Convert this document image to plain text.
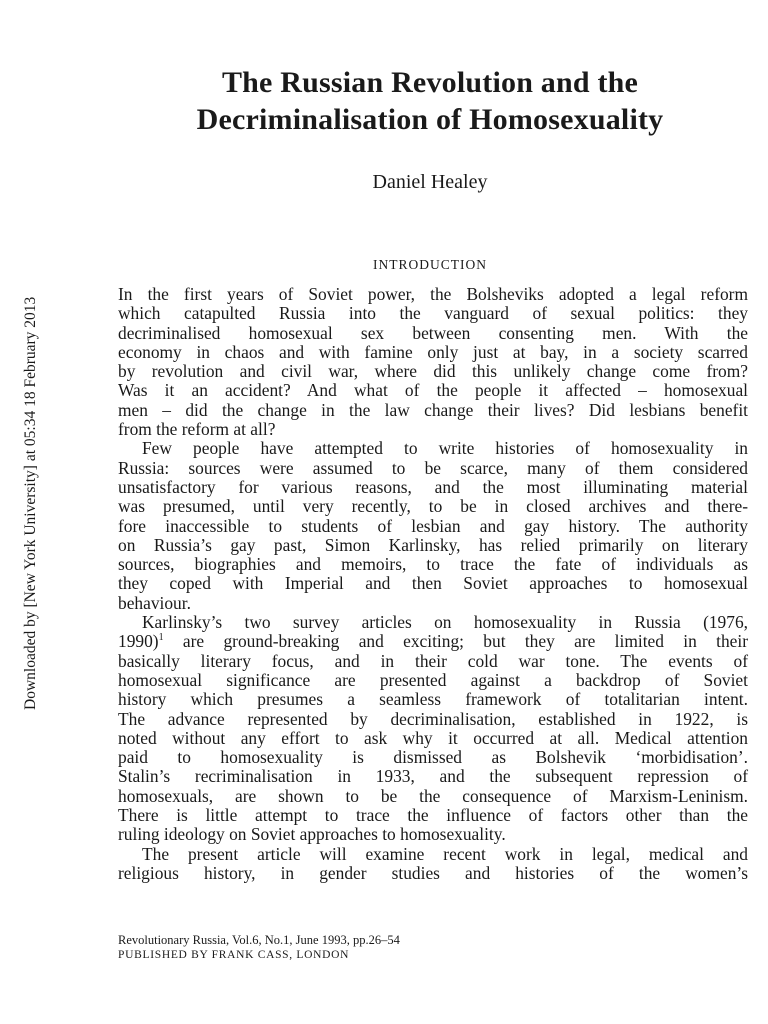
Downloaded by [New York University] at 05:34 18 February 2013
The Russian Revolution and the
Decriminalisation of Homosexuality
Daniel Healey
INTRODUCTION
In the first years of Soviet power, the Bolsheviks adopted a legal reform
which catapulted Russia into the vanguard of sexual politics: they
decriminalised homosexual sex between consenting men. With the
economy in chaos and with famine only just at bay, in a society scarred
by revolution and civil war, where did this unlikely change come from?
Was it an accident? And what of the people it affected – homosexual
men – did the change in the law change their lives? Did lesbians benefit
from the reform at all?
Few people have attempted to write histories of homosexuality in
Russia: sources were assumed to be scarce, many of them considered
unsatisfactory for various reasons, and the most illuminating material
was presumed, until very recently, to be in closed archives and there-
fore inaccessible to students of lesbian and gay history. The authority
on Russia’s gay past, Simon Karlinsky, has relied primarily on literary
sources, biographies and memoirs, to trace the fate of individuals as
they coped with Imperial and then Soviet approaches to homosexual
behaviour.
Karlinsky’s two survey articles on homosexuality in Russia (1976,
1990)$^1$ are ground-breaking and exciting; but they are limited in their
basically literary focus, and in their cold war tone. The events of
homosexual significance are presented against a backdrop of Soviet
history which presumes a seamless framework of totalitarian intent.
The advance represented by decriminalisation, established in 1922, is
noted without any effort to ask why it occurred at all. Medical attention
paid to homosexuality is dismissed as Bolshevik ‘morbidisation’.
Stalin’s recriminalisation in 1933, and the subsequent repression of
homosexuals, are shown to be the consequence of Marxism-Leninism.
There is little attempt to trace the influence of factors other than the
ruling ideology on Soviet approaches to homosexuality.
The present article will examine recent work in legal, medical and
religious history, in gender studies and histories of the women’s
Revolutionary Russia, Vol.6, No.1, June 1993, pp.26–54
PUBLISHED BY FRANK CASS, LONDON
